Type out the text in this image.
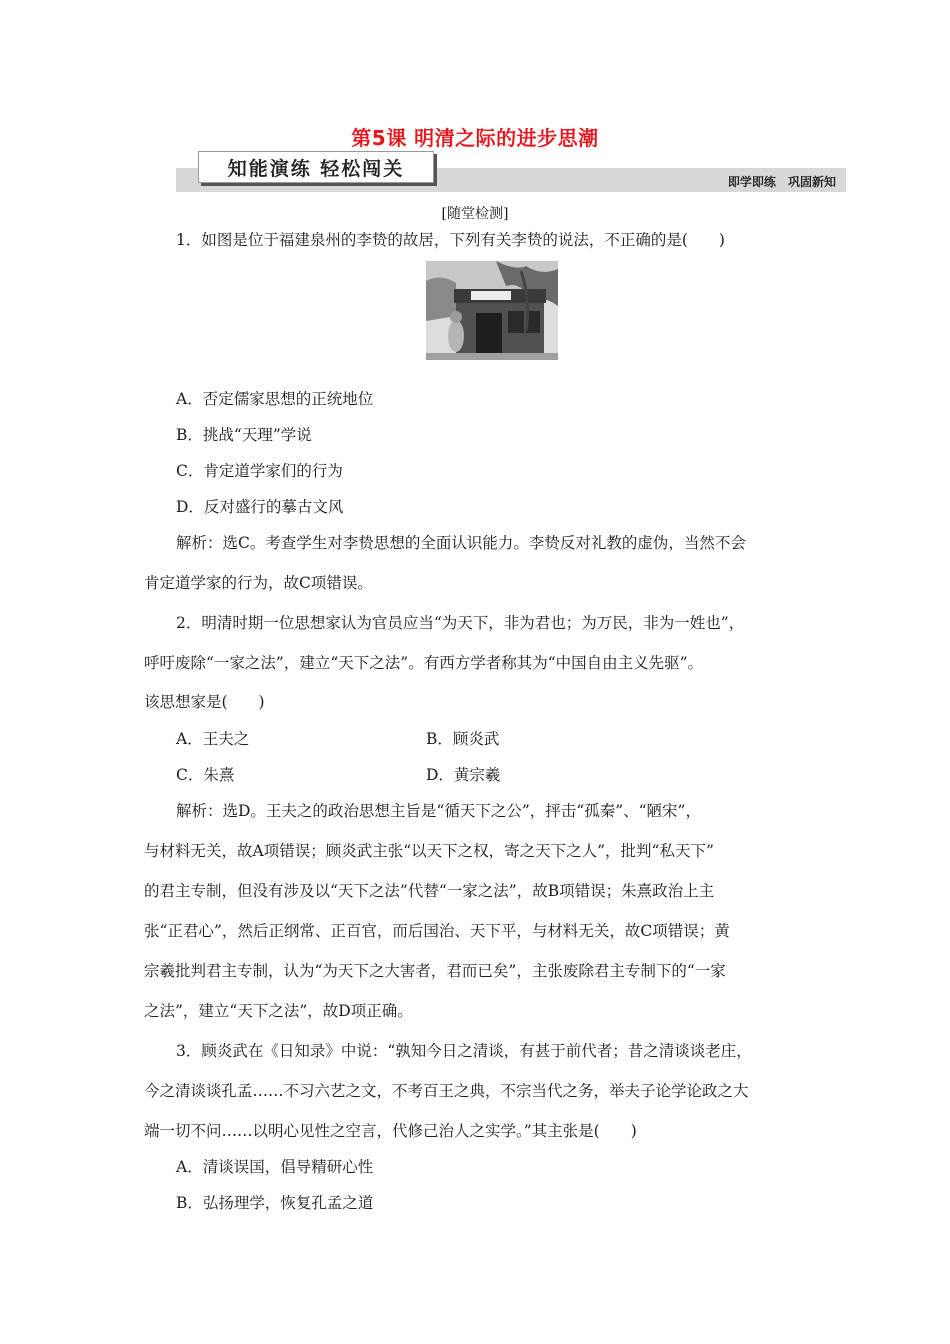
第5课 明清之际的进步思潮
知能演练 轻松闯关
即学即练 巩固新知
[随堂检测]
1．如图是位于福建泉州的李贽的故居，下列有关李贽的说法，不正确的是(　　)
A．否定儒家思想的正统地位
B．挑战“天理”学说
C．肯定道学家们的行为
D．反对盛行的摹古文风
解析：选C。考查学生对李贽思想的全面认识能力。李贽反对礼教的虚伪，当然不会
肯定道学家的行为，故C项错误。
2．明清时期一位思想家认为官员应当“为天下，非为君也；为万民，非为一姓也”，
呼吁废除“一家之法”，建立“天下之法”。有西方学者称其为“中国自由主义先驱”。
该思想家是(　　)
A．王夫之	B．顾炎武
C．朱熹	D．黄宗羲
解析：选D。王夫之的政治思想主旨是“循天下之公”，抨击“孤秦”、“陋宋”，
与材料无关，故A项错误；顾炎武主张“以天下之权，寄之天下之人”，批判“私天下”
的君主专制，但没有涉及以“天下之法”代替“一家之法”，故B项错误；朱熹政治上主
张“正君心”，然后正纲常、正百官，而后国治、天下平，与材料无关，故C项错误；黄
宗羲批判君主专制，认为“为天下之大害者，君而已矣”，主张废除君主专制下的“一家
之法”，建立“天下之法”，故D项正确。
3．顾炎武在《日知录》中说：“孰知今日之清谈，有甚于前代者；昔之清谈谈老庄，
今之清谈谈孔孟……不习六艺之文，不考百王之典，不宗当代之务，举夫子论学论政之大
端一切不问……以明心见性之空言，代修己治人之实学。”其主张是(　　)
A．清谈误国，倡导精研心性
B．弘扬理学，恢复孔孟之道
